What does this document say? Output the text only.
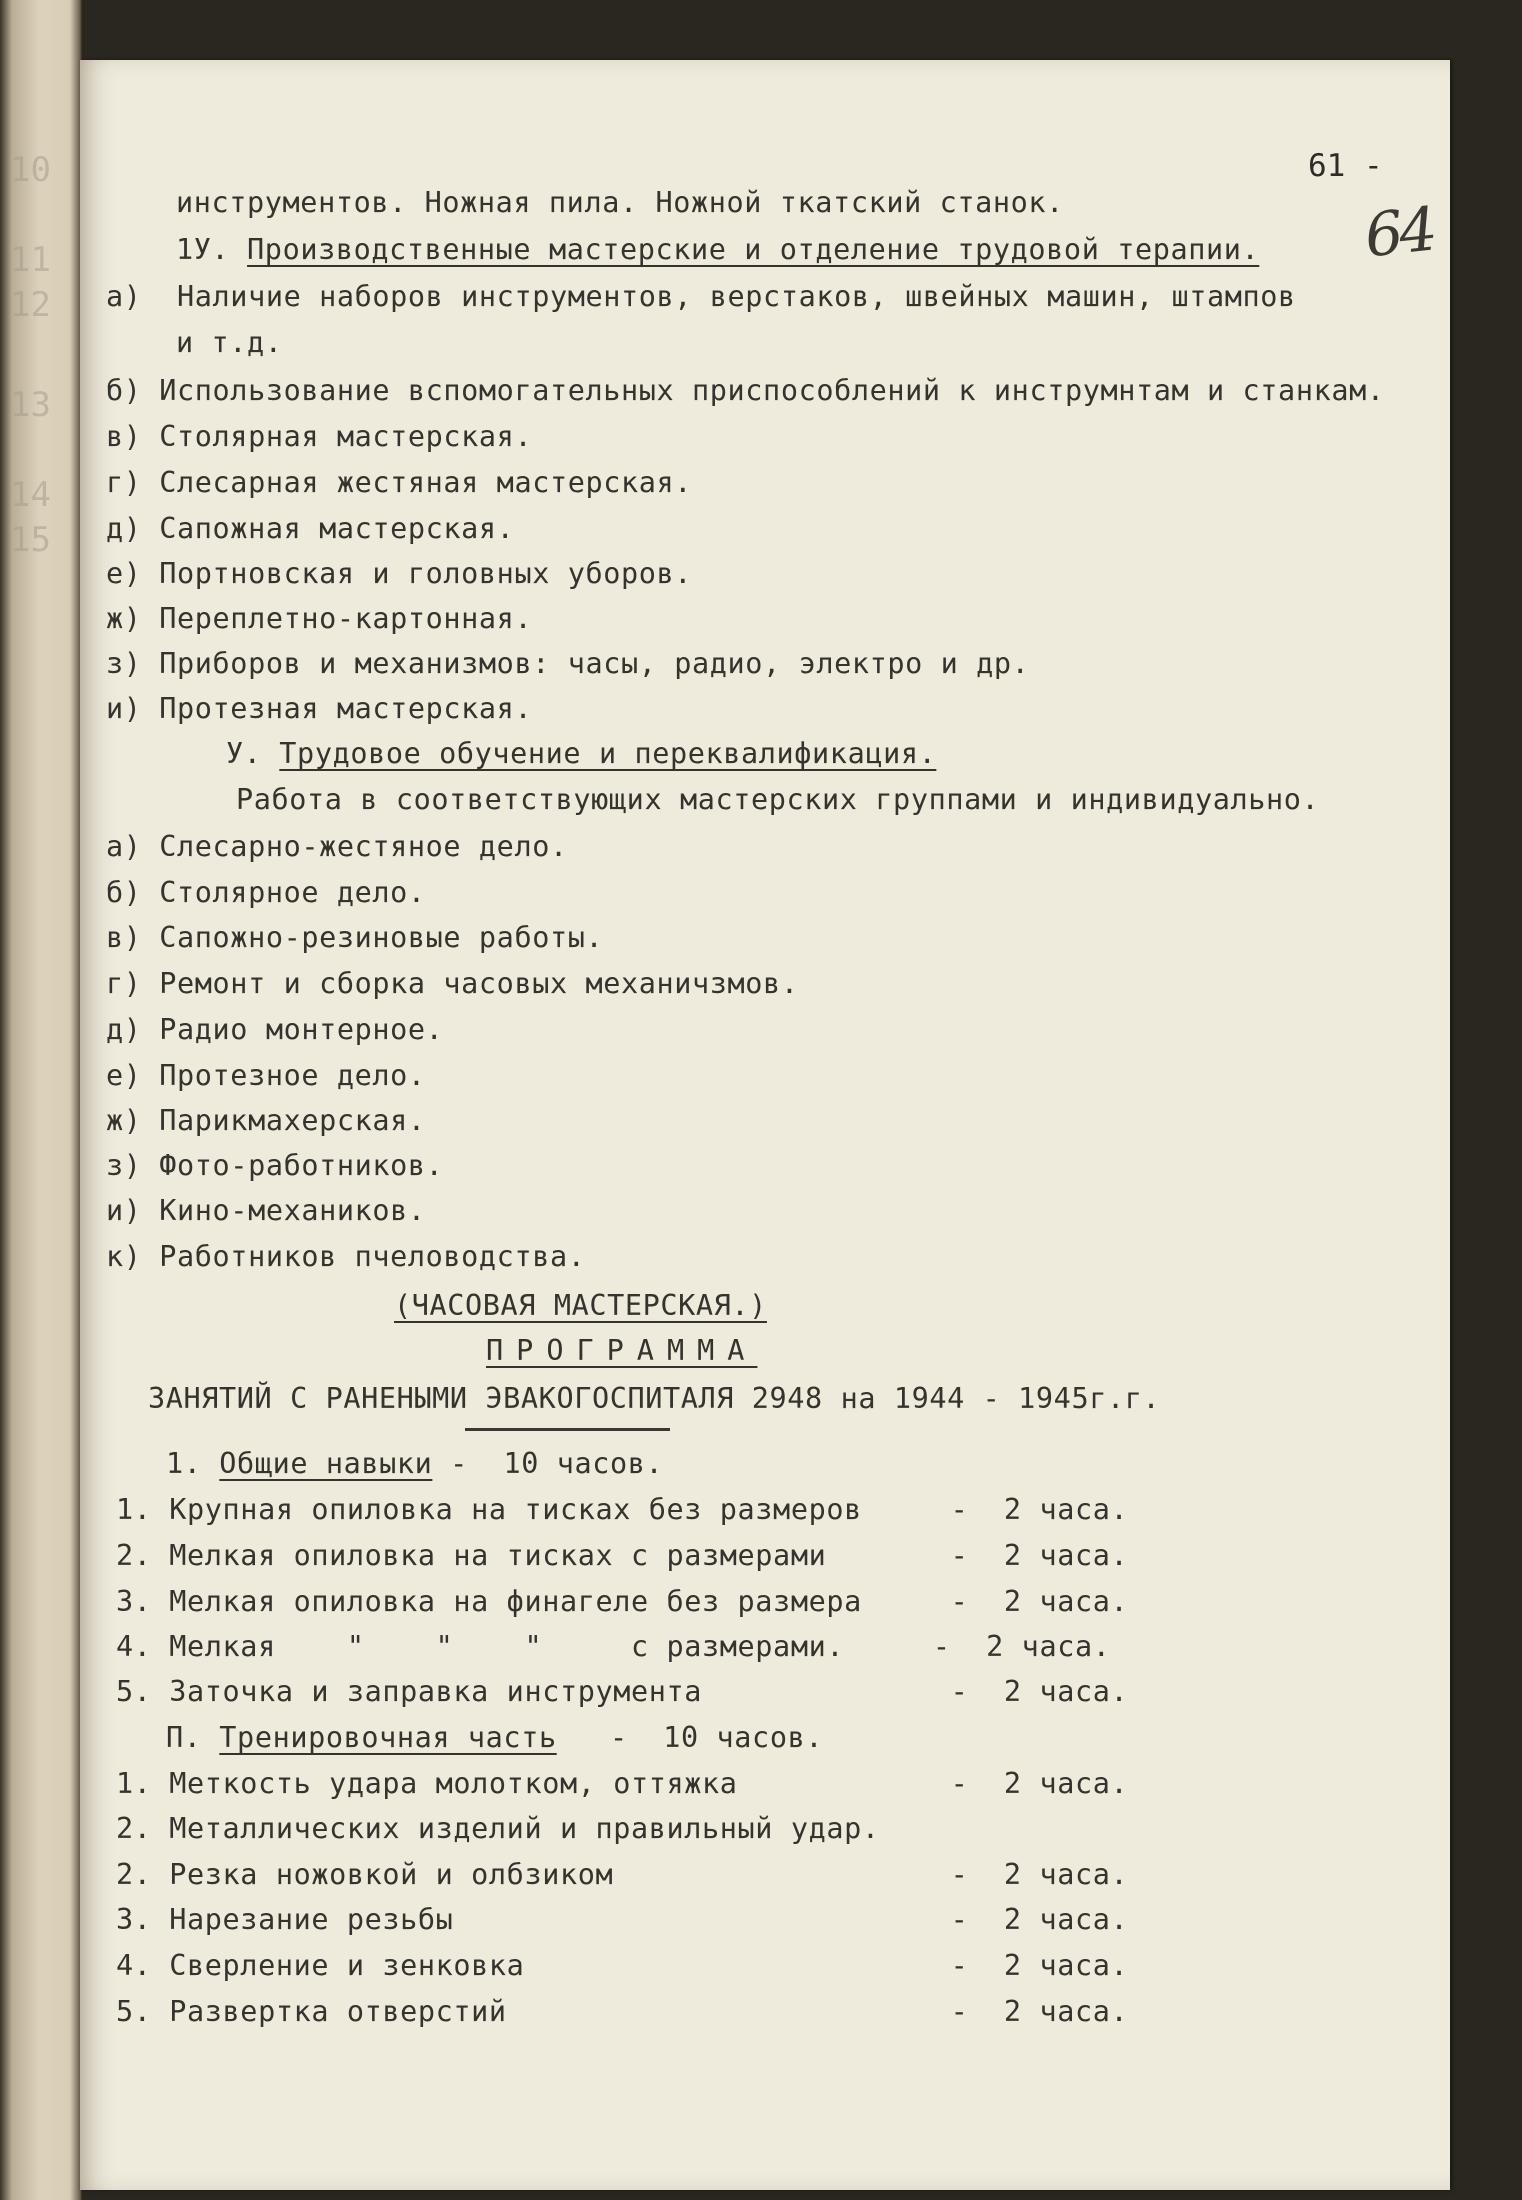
10
11
12
13
14
15
61 -
64
инструментов. Ножная пила. Ножной ткатский станок.
1У. Производственные мастерские и отделение трудовой терапии.
а)  Наличие наборов инструментов, верстаков, швейных машин, штампов
и т.д.
б) Использование вспомогательных приспособлений к инструмнтам и станкам.
в) Столярная мастерская.
г) Слесарная жестяная мастерская.
д) Сапожная мастерская.
е) Портновская и головных уборов.
ж) Переплетно-картонная.
з) Приборов и механизмов: часы, радио, электро и др.
и) Протезная мастерская.
У. Трудовое обучение и переквалификация.
Работа в соответствующих мастерских группами и индивидуально.
а) Слесарно-жестяное дело.
б) Столярное дело.
в) Сапожно-резиновые работы.
г) Ремонт и сборка часовых механичзмов.
д) Радио монтерное.
е) Протезное дело.
ж) Парикмахерская.
з) Фото-работников.
и) Кино-механиков.
к) Работников пчеловодства.
(ЧАСОВАЯ МАСТЕРСКАЯ.)
ПРОГРАММА
ЗАНЯТИЙ С РАНЕНЫМИ ЭВАКОГОСПИТАЛЯ 2948 на 1944 - 1945г.г.
1. Общие навыки -  10 часов.
1. Крупная опиловка на тисках без размеров     -  2 часа.
2. Мелкая опиловка на тисках с размерами       -  2 часа.
3. Мелкая опиловка на финагеле без размера     -  2 часа.
4. Мелкая    "    "    "     с размерами.     -  2 часа.
5. Заточка и заправка инструмента              -  2 часа.
П. Тренировочная часть   -  10 часов.
1. Меткость удара молотком, оттяжка            -  2 часа.
2. Металлических изделий и правильный удар.
2. Резка ножовкой и олбзиком                   -  2 часа.
3. Нарезание резьбы                            -  2 часа.
4. Сверление и зенковка                        -  2 часа.
5. Развертка отверстий                         -  2 часа.
